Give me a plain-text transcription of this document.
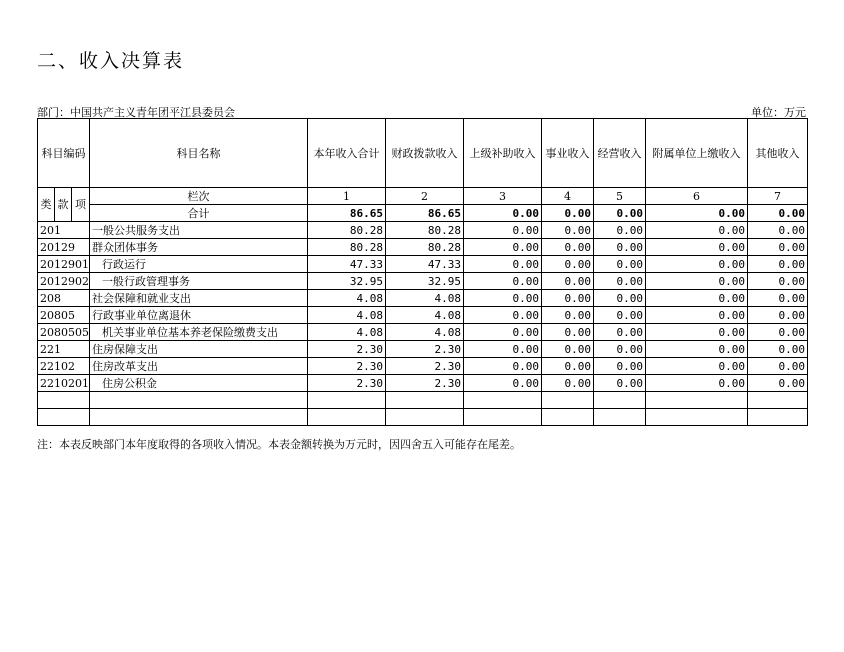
二、收入决算表
部门：中国共产主义青年团平江县委员会	单位：万元
科目编码			科目名称	本年收入合计	财政拨款收入	上级补助收入	事业收入	经营收入	附属单位上缴收入	其他收入
类	款	项	栏次	1	2	3	4	5	6	7
			合计	86.65	86.65	0.00	0.00	0.00	0.00	0.00
201			一般公共服务支出	80.28	80.28	0.00	0.00	0.00	0.00	0.00
20129			群众团体事务	80.28	80.28	0.00	0.00	0.00	0.00	0.00
2012901			行政运行	47.33	47.33	0.00	0.00	0.00	0.00	0.00
2012902			一般行政管理事务	32.95	32.95	0.00	0.00	0.00	0.00	0.00
208			社会保障和就业支出	4.08	4.08	0.00	0.00	0.00	0.00	0.00
20805			行政事业单位离退休	4.08	4.08	0.00	0.00	0.00	0.00	0.00
2080505			机关事业单位基本养老保险缴费支出	4.08	4.08	0.00	0.00	0.00	0.00	0.00
221			住房保障支出	2.30	2.30	0.00	0.00	0.00	0.00	0.00
22102			住房改革支出	2.30	2.30	0.00	0.00	0.00	0.00	0.00
2210201			住房公积金	2.30	2.30	0.00	0.00	0.00	0.00	0.00

注：本表反映部门本年度取得的各项收入情况。本表金额转换为万元时，因四舍五入可能存在尾差。
